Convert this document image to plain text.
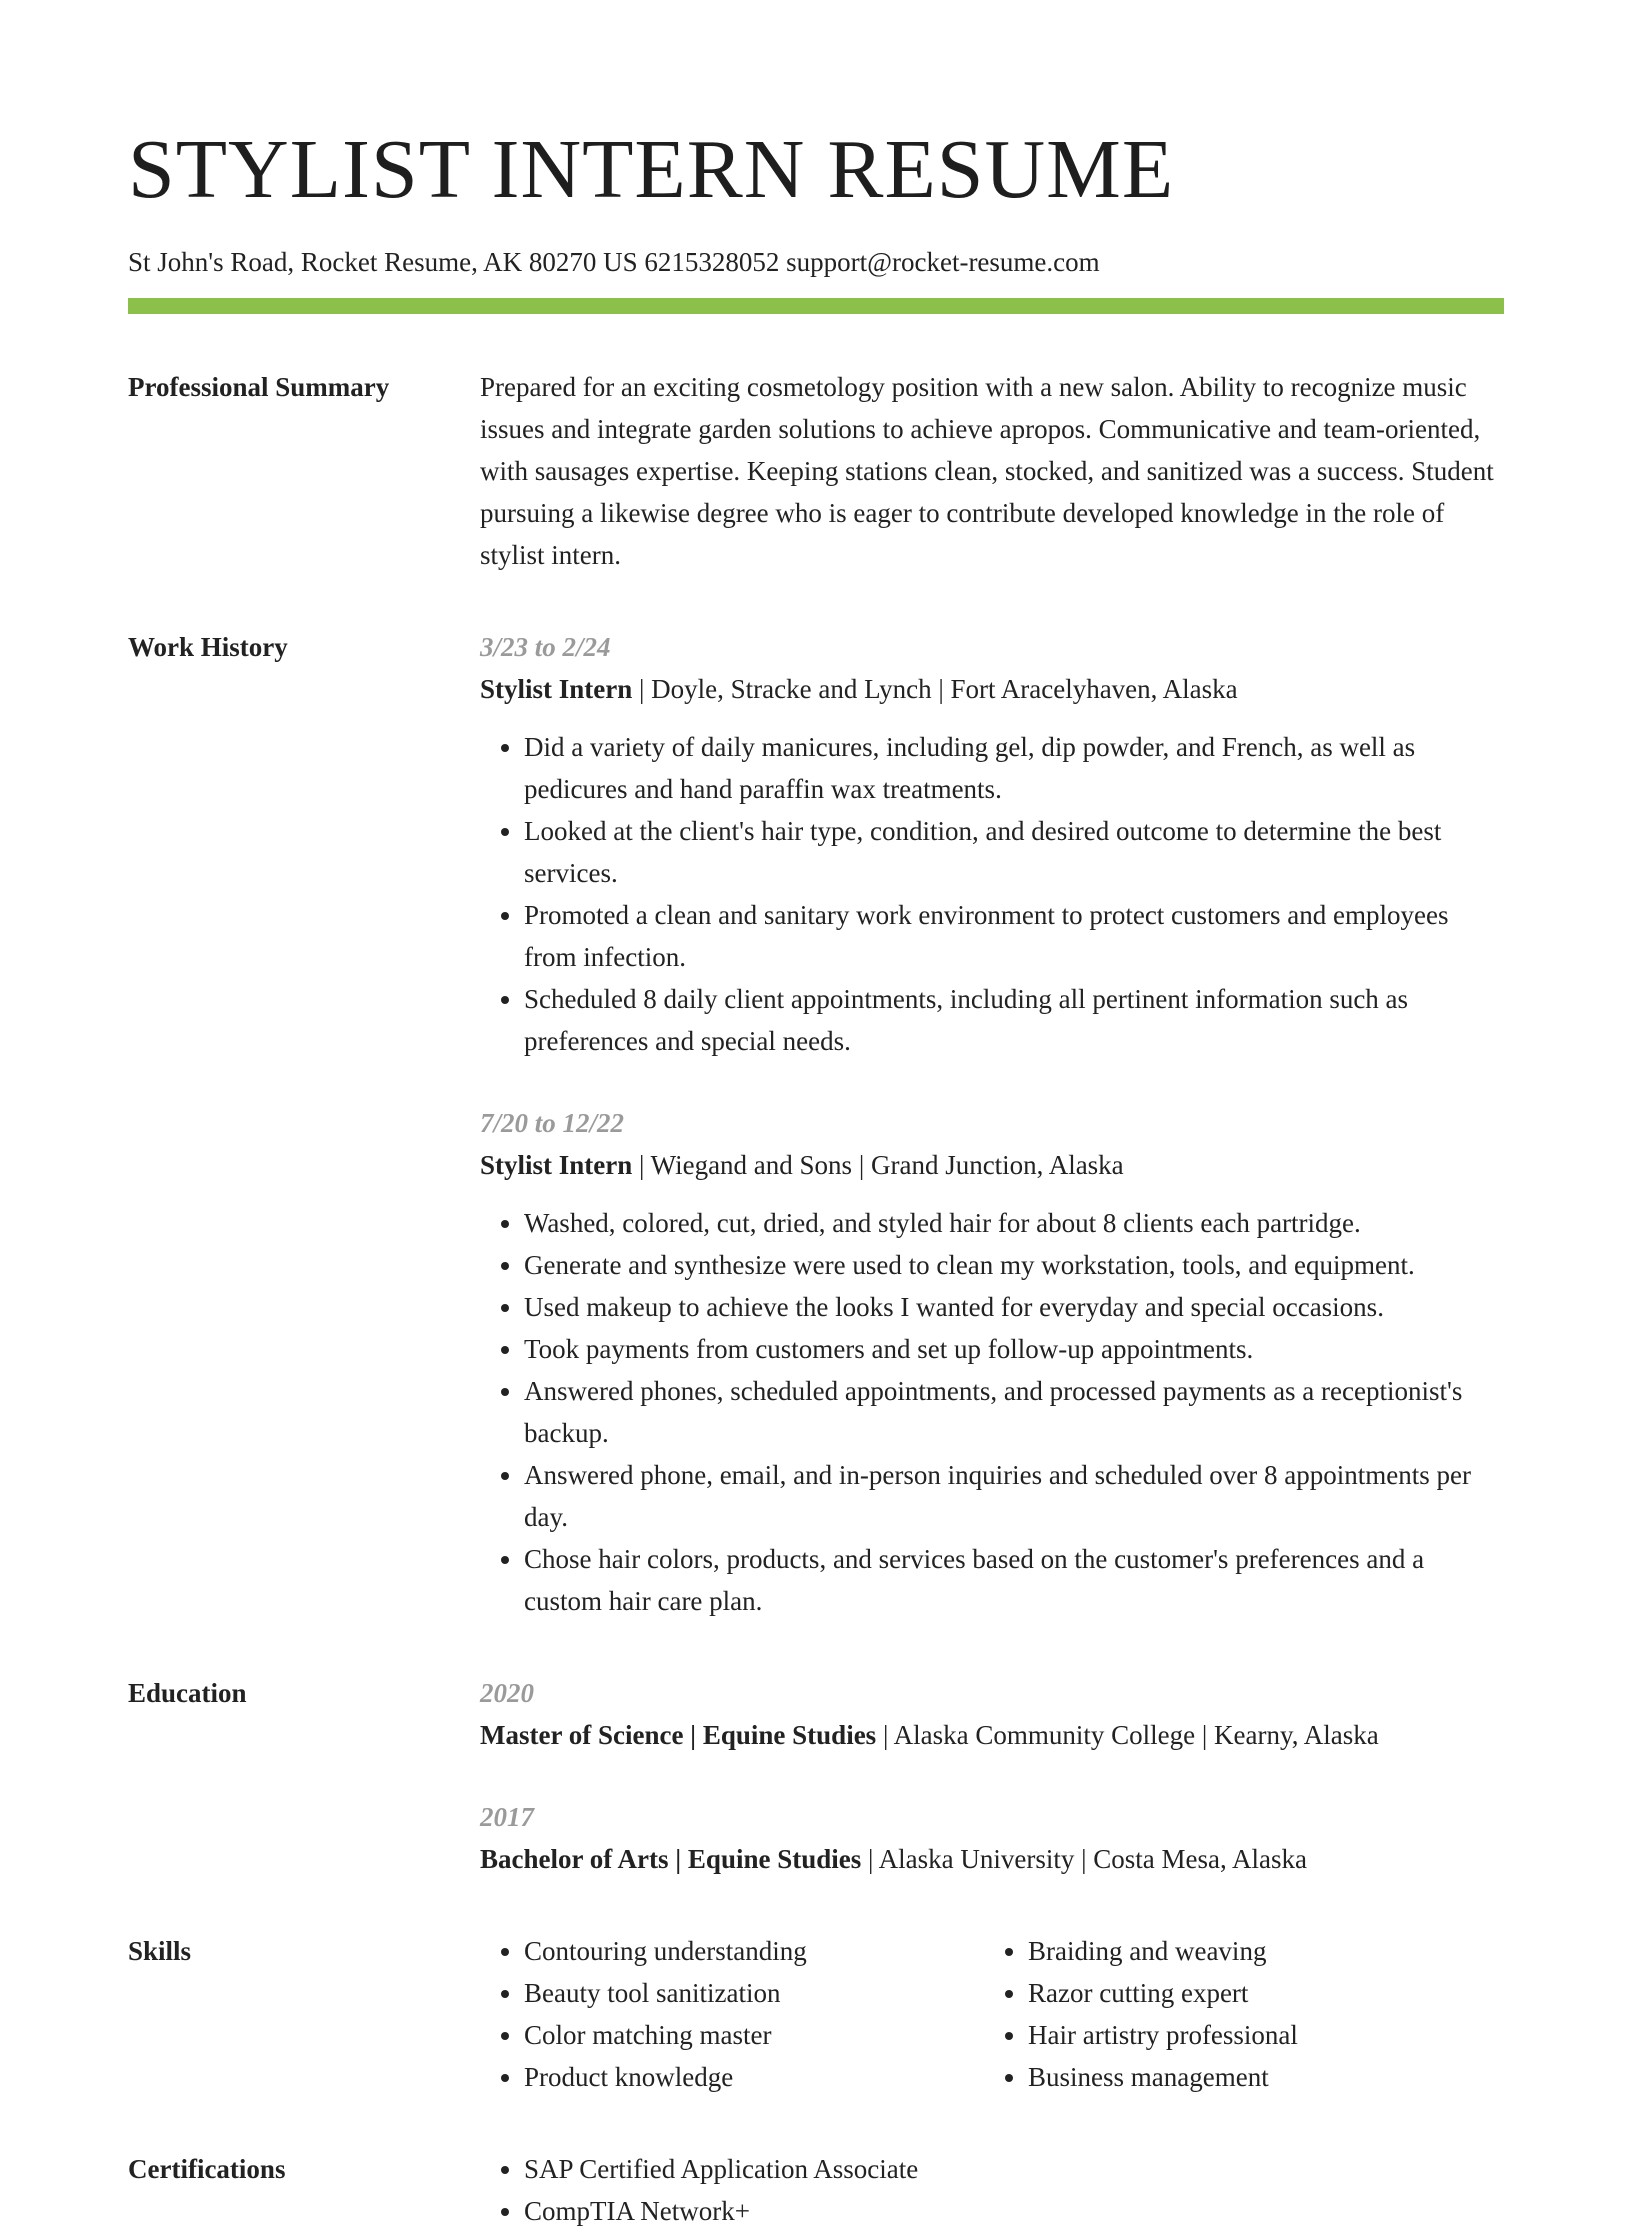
STYLIST INTERN RESUME
St John's Road, Rocket Resume, AK 80270 US 6215328052 support@rocket-resume.com
Professional Summary	Prepared for an exciting cosmetology position with a new salon. Ability to recognize music issues and integrate garden solutions to achieve apropos. Communicative and team-oriented, with sausages expertise. Keeping stations clean, stocked, and sanitized was a success. Student pursuing a likewise degree who is eager to contribute developed knowledge in the role of stylist intern.

Work History	3/23 to 2/24
Stylist Intern | Doyle, Stracke and Lynch | Fort Aracelyhaven, Alaska
• Did a variety of daily manicures, including gel, dip powder, and French, as well as pedicures and hand paraffin wax treatments.
• Looked at the client's hair type, condition, and desired outcome to determine the best services.
• Promoted a clean and sanitary work environment to protect customers and employees from infection.
• Scheduled 8 daily client appointments, including all pertinent information such as preferences and special needs.
7/20 to 12/22
Stylist Intern | Wiegand and Sons | Grand Junction, Alaska
• Washed, colored, cut, dried, and styled hair for about 8 clients each partridge.
• Generate and synthesize were used to clean my workstation, tools, and equipment.
• Used makeup to achieve the looks I wanted for everyday and special occasions.
• Took payments from customers and set up follow-up appointments.
• Answered phones, scheduled appointments, and processed payments as a receptionist's backup.
• Answered phone, email, and in-person inquiries and scheduled over 8 appointments per day.
• Chose hair colors, products, and services based on the customer's preferences and a custom hair care plan.
Education	2020
Master of Science | Equine Studies | Alaska Community College | Kearny, Alaska
2017
Bachelor of Arts | Equine Studies | Alaska University | Costa Mesa, Alaska
Skills	• Contouring understanding
• Beauty tool sanitization
• Color matching master
• Product knowledge
• Braiding and weaving
• Razor cutting expert
• Hair artistry professional
• Business management
Certifications	• SAP Certified Application Associate
• CompTIA Network+
